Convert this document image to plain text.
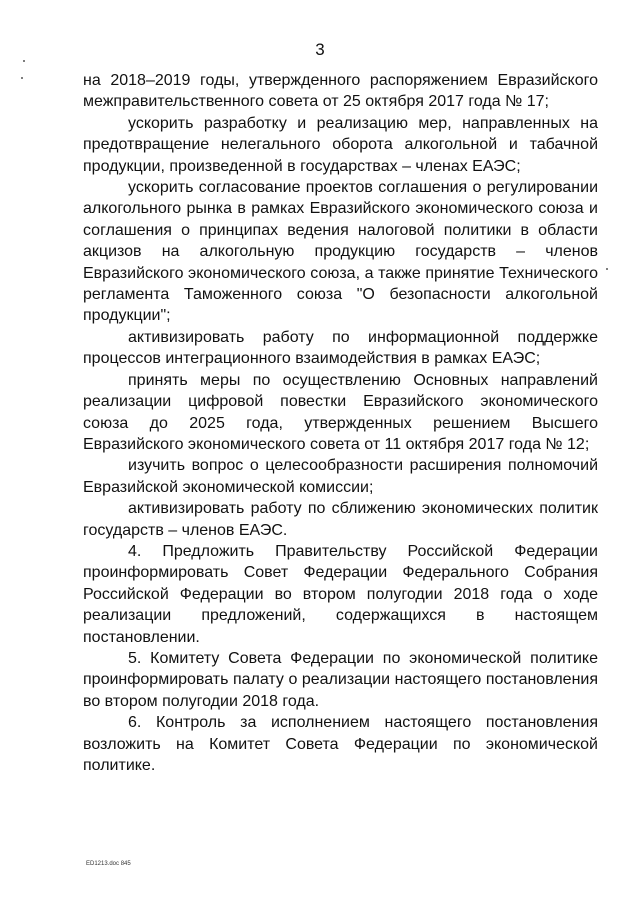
3

на 2018–2019 годы, утвержденного распоряжением Евразийского межправительственного совета от 25 октября 2017 года № 17;

ускорить разработку и реализацию мер, направленных на предотвращение нелегального оборота алкогольной и табачной продукции, произведенной в государствах – членах ЕАЭС;

ускорить согласование проектов соглашения о регулировании алкогольного рынка в рамках Евразийского экономического союза и соглашения о принципах ведения налоговой политики в области акцизов на алкогольную продукцию государств – членов Евразийского экономического союза, а также принятие Технического регламента Таможенного союза "О безопасности алкогольной продукции";

активизировать работу по информационной поддержке процессов интеграционного взаимодействия в рамках ЕАЭС;

принять меры по осуществлению Основных направлений реализации цифровой повестки Евразийского экономического союза до 2025 года, утвержденных решением Высшего Евразийского экономического совета от 11 октября 2017 года № 12;

изучить вопрос о целесообразности расширения полномочий Евразийской экономической комиссии;

активизировать работу по сближению экономических политик государств – членов ЕАЭС.

4. Предложить Правительству Российской Федерации проинформировать Совет Федерации Федерального Собрания Российской Федерации во втором полугодии 2018 года о ходе реализации предложений, содержащихся в настоящем постановлении.

5. Комитету Совета Федерации по экономической политике проинформировать палату о реализации настоящего постановления во втором полугодии 2018 года.

6. Контроль за исполнением настоящего постановления возложить на Комитет Совета Федерации по экономической политике.

ED1213.doc 845
